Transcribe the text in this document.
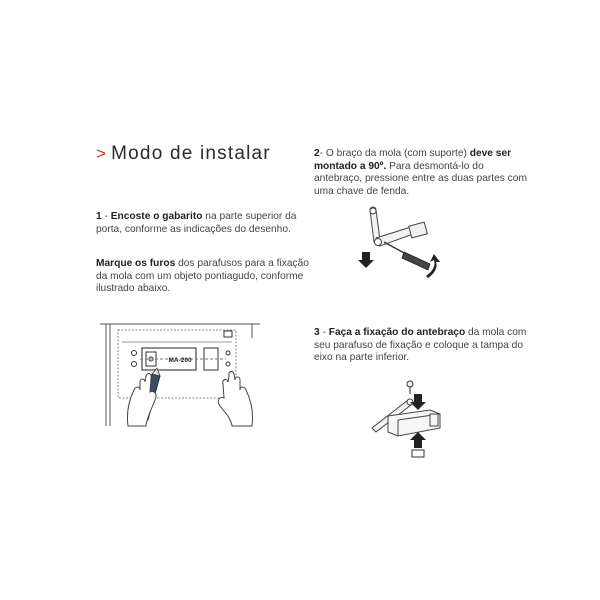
> Modo de instalar
1 - Encoste o gabarito na parte superior da porta, conforme as indicações do desenho.
Marque os furos dos parafusos para a fixação da mola com um objeto pontiagudo, conforme ilustrado abaixo.
2- O braço da mola (com suporte) deve ser montado a 90º. Para desmontá-lo do antebraço, pressione entre as duas partes com uma chave de fenda.
3 - Faça a fixação do antebraço da mola com seu parafuso de fixação e coloque a tampa do eixo na parte inferior.
MA-200
